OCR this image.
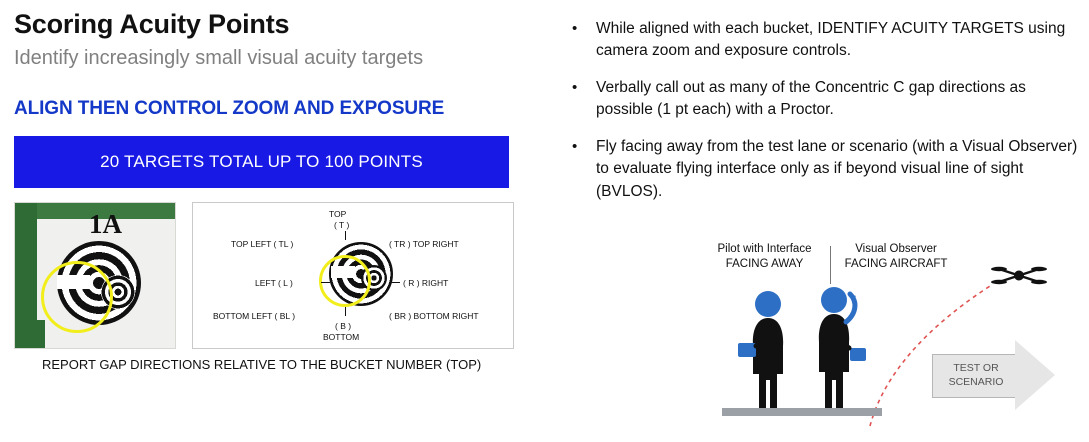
Scoring Acuity Points
Identify increasingly small visual acuity targets
ALIGN THEN CONTROL ZOOM AND EXPOSURE
20 TARGETS TOTAL UP TO 100 POINTS
1A	TOP
( T )
TOP LEFT ( TL )	( TR ) TOP RIGHT
LEFT ( L )	( R ) RIGHT
BOTTOM LEFT ( BL )	( BR ) BOTTOM RIGHT
( B )
BOTTOM
REPORT GAP DIRECTIONS RELATIVE TO THE BUCKET NUMBER (TOP)
•	While aligned with each bucket, IDENTIFY ACUITY TARGETS using camera zoom and exposure controls.
•	Verbally call out as many of the Concentric C gap directions as possible (1 pt each) with a Proctor.
•	Fly facing away from the test lane or scenario (with a Visual Observer) to evaluate flying interface only as if beyond visual line of sight (BVLOS).
Pilot with Interface
FACING AWAY
Visual Observer
FACING AIRCRAFT
TEST OR
SCENARIO
